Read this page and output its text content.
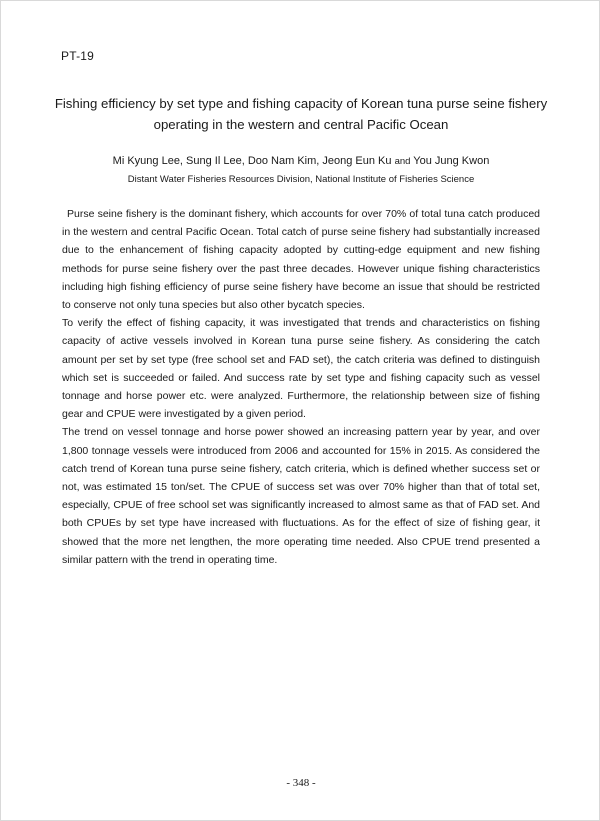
PT-19
Fishing efficiency by set type and fishing capacity of Korean tuna purse seine fishery
operating in the western and central Pacific Ocean
Mi Kyung Lee, Sung Il Lee, Doo Nam Kim, Jeong Eun Ku and You Jung Kwon
Distant Water Fisheries Resources Division, National Institute of Fisheries Science

Purse seine fishery is the dominant fishery, which accounts for over 70% of total tuna catch produced in the western and central Pacific Ocean. Total catch of purse seine fishery had substantially increased due to the enhancement of fishing capacity adopted by cutting-edge equipment and new fishing methods for purse seine fishery over the past three decades. However unique fishing characteristics including high fishing efficiency of purse seine fishery have become an issue that should be restricted to conserve not only tuna species but also other bycatch species.

To verify the effect of fishing capacity, it was investigated that trends and characteristics on fishing capacity of active vessels involved in Korean tuna purse seine fishery. As considering the catch amount per set by set type (free school set and FAD set), the catch criteria was defined to distinguish which set is succeeded or failed. And success rate by set type and fishing capacity such as vessel tonnage and horse power etc. were analyzed. Furthermore, the relationship between size of fishing gear and CPUE were investigated by a given period.

The trend on vessel tonnage and horse power showed an increasing pattern year by year, and over 1,800 tonnage vessels were introduced from 2006 and accounted for 15% in 2015. As considered the catch trend of Korean tuna purse seine fishery, catch criteria, which is defined whether success set or not, was estimated 15 ton/set. The CPUE of success set was over 70% higher than that of total set, especially, CPUE of free school set was significantly increased to almost same as that of FAD set. And both CPUEs by set type have increased with fluctuations. As for the effect of size of fishing gear, it showed that the more net lengthen, the more operating time needed. Also CPUE trend presented a similar pattern with the trend in operating time.

- 348 -
